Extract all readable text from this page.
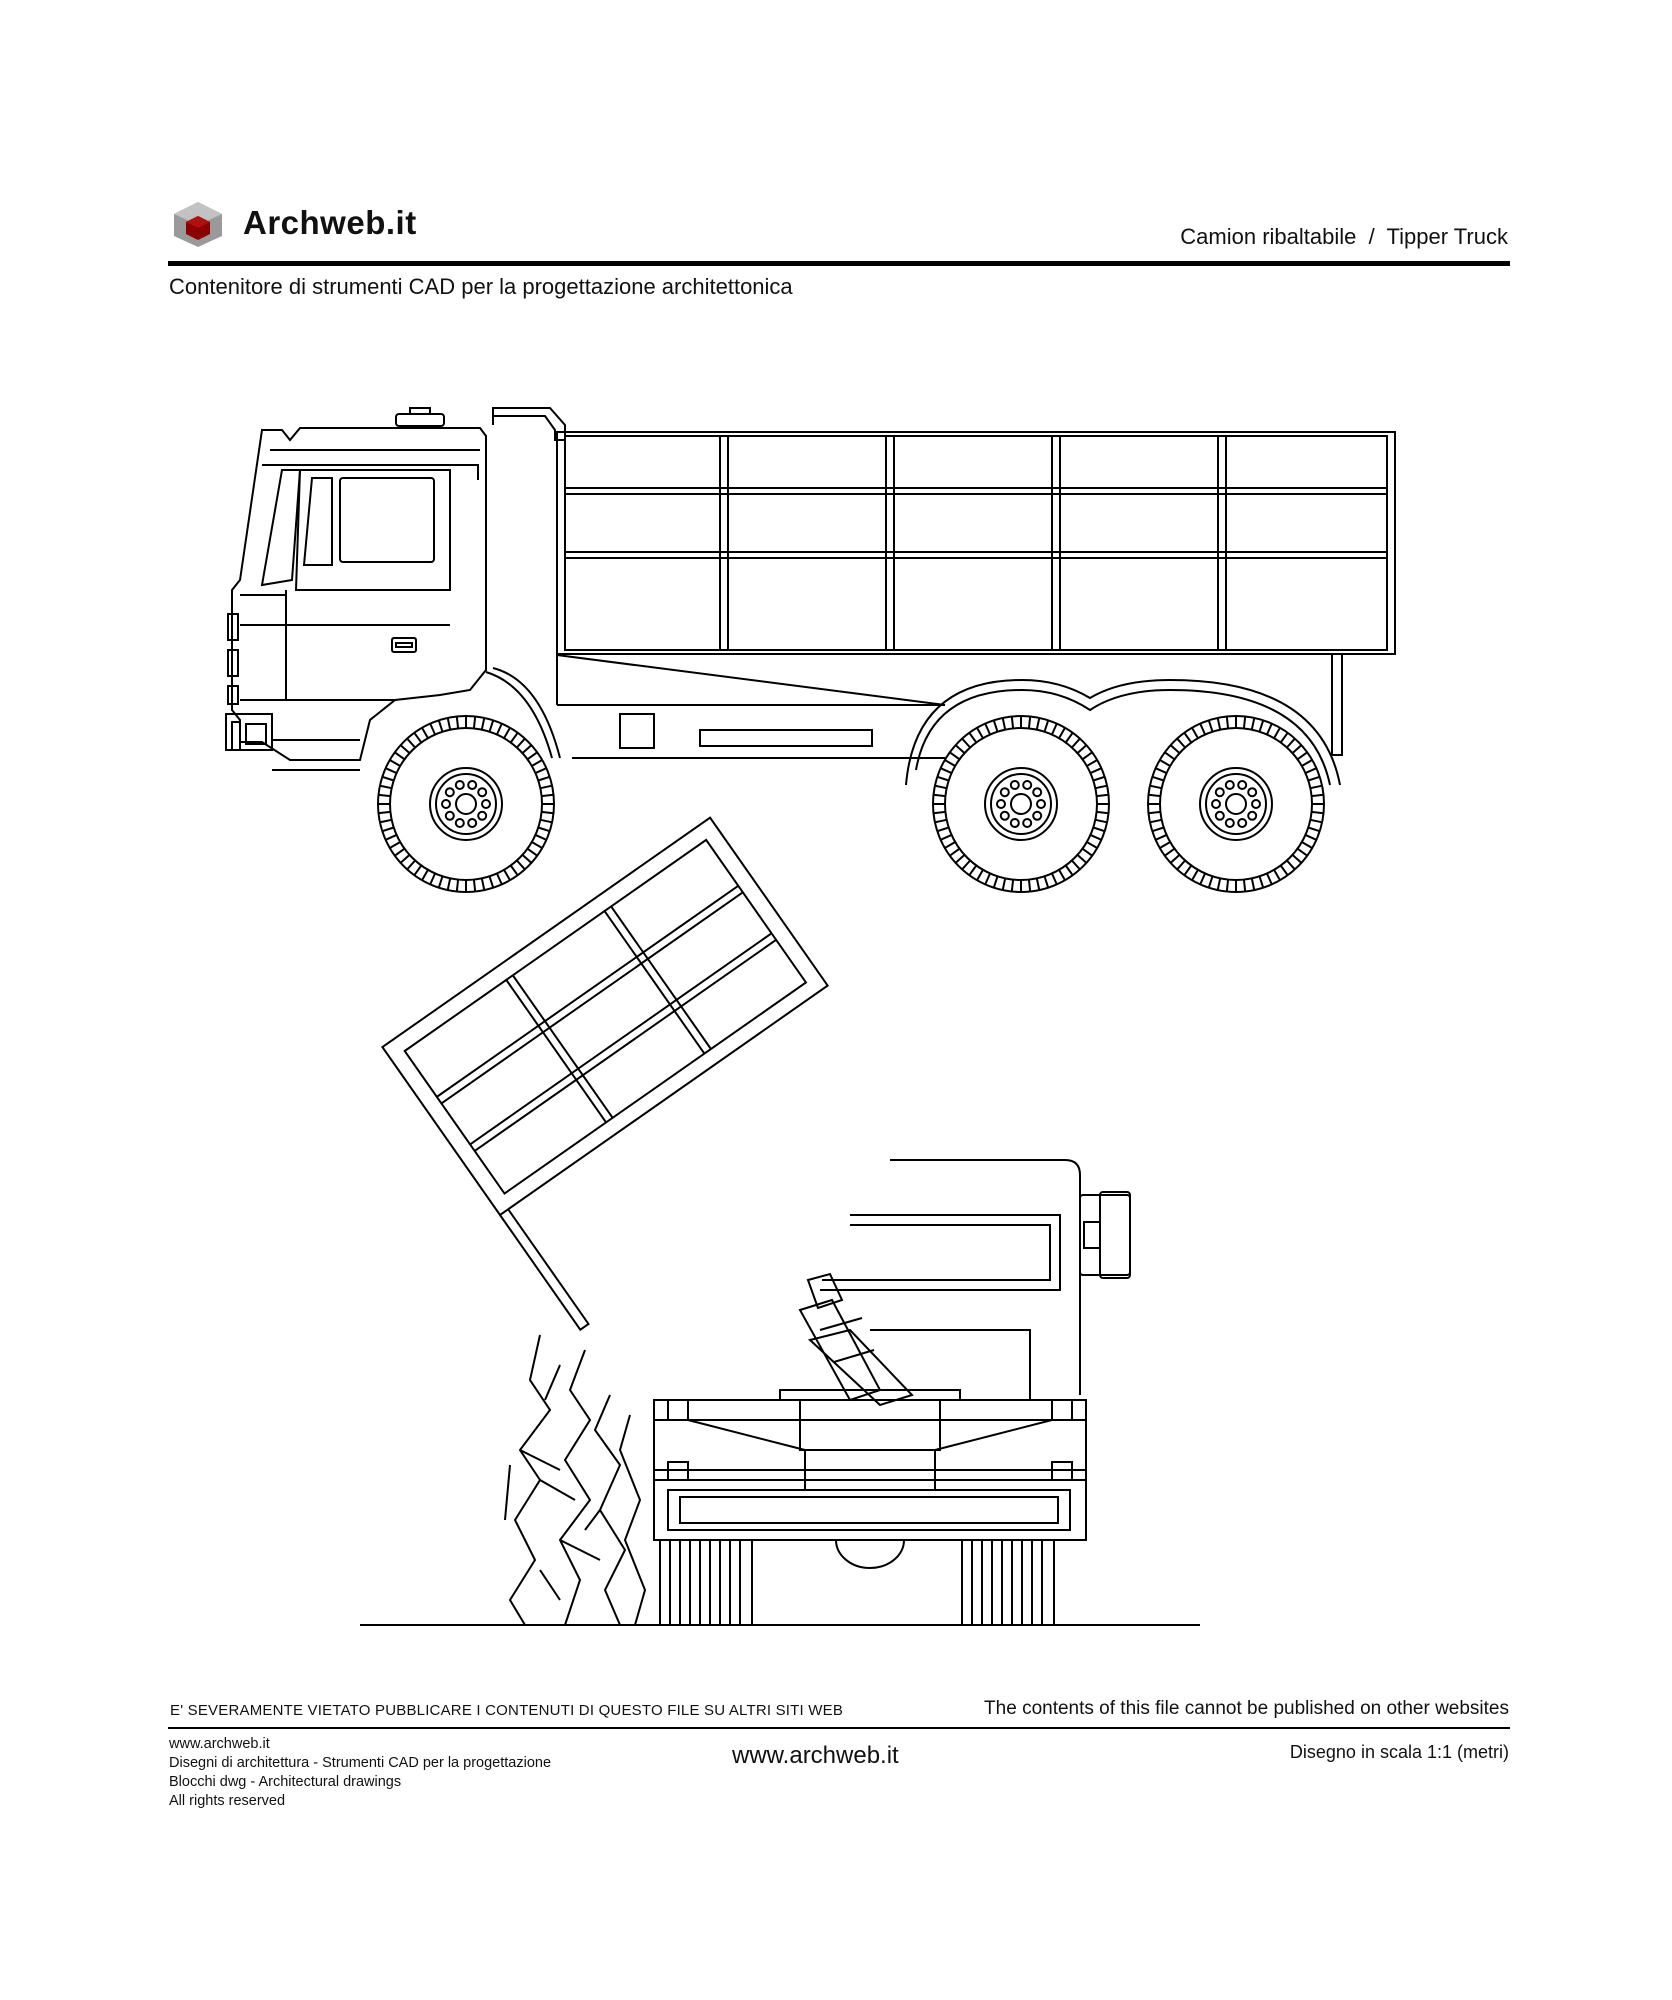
Archweb.it	Camion ribaltabile  /  Tipper Truck
Contenitore di strumenti CAD per la progettazione architettonica
E' SEVERAMENTE VIETATO PUBBLICARE I CONTENUTI DI QUESTO FILE SU ALTRI SITI WEB	The contents of this file cannot be published on other websites
www.archweb.it
Disegni di architettura - Strumenti CAD per la progettazione
Blocchi dwg - Architectural drawings
All rights reserved
www.archweb.it	Disegno in scala 1:1 (metri)
